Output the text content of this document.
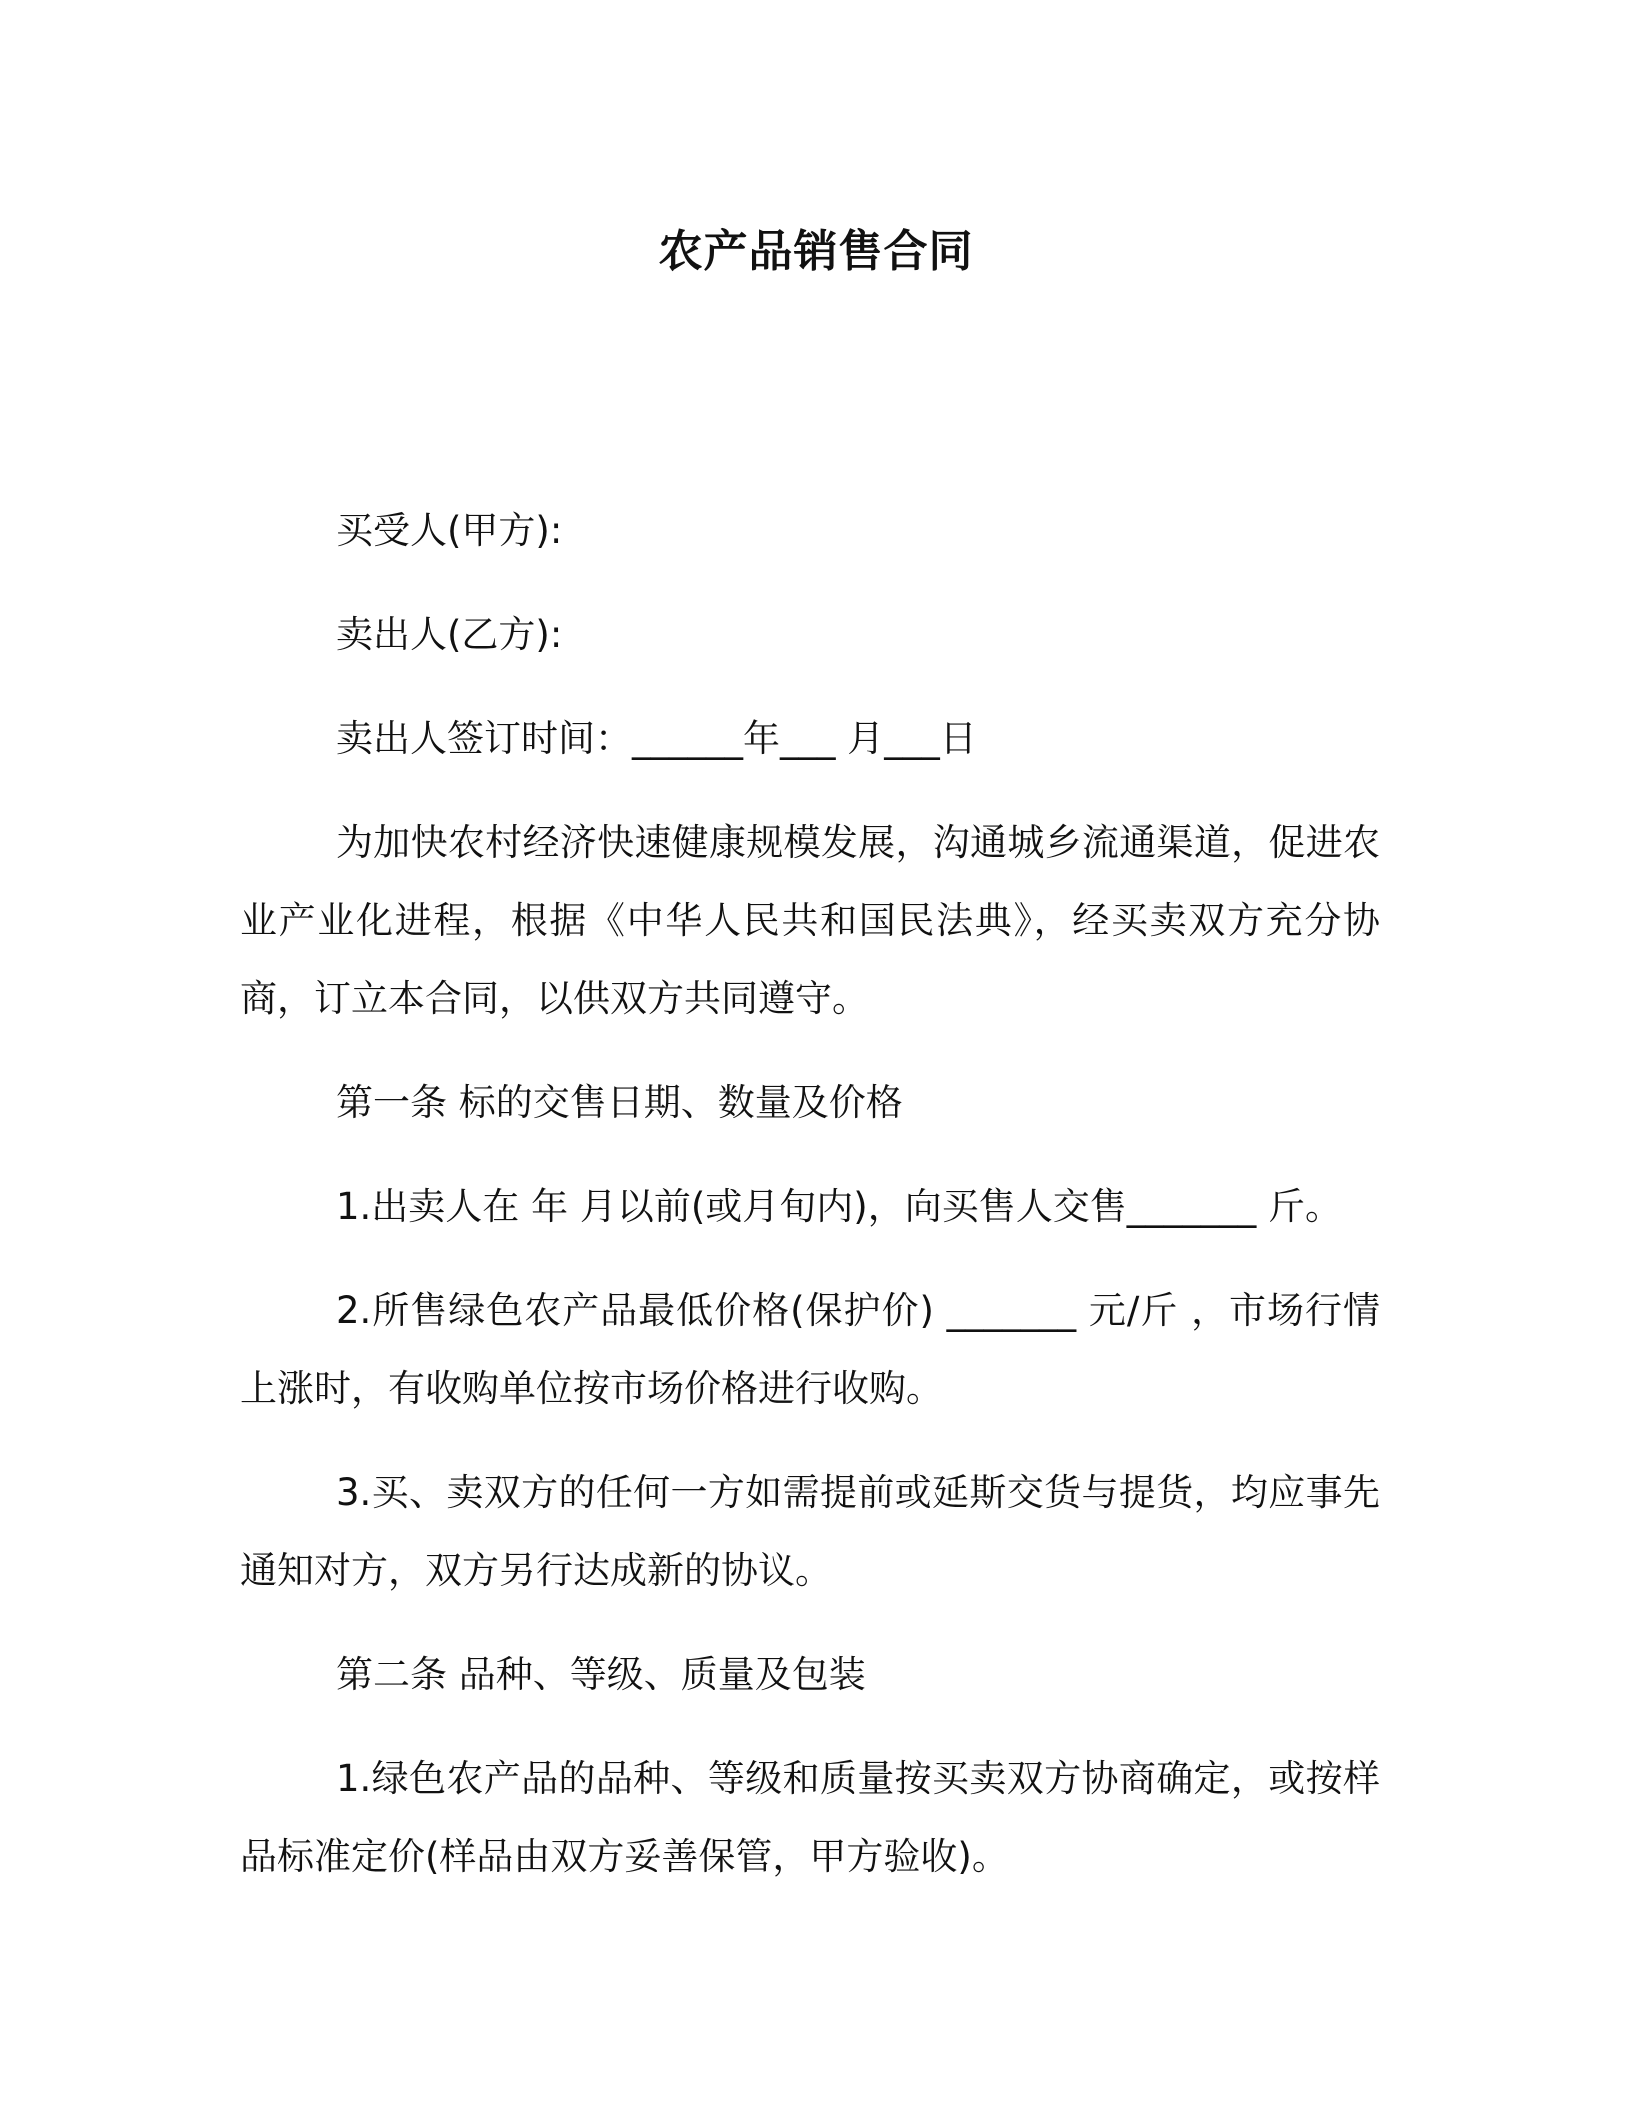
农产品销售合同

买受人(甲方):

卖出人(乙方):

卖出人签订时间：______年___ 月___日

为加快农村经济快速健康规模发展，沟通城乡流通渠道，促进农业产业化进程，根据《中华人民共和国民法典》，经买卖双方充分协商，订立本合同，以供双方共同遵守。

第一条 标的交售日期、数量及价格

1.出卖人在 年 月以前(或月旬内)，向买售人交售_______ 斤。

2.所售绿色农产品最低价格(保护价) _______ 元/斤 ，市场行情上涨时，有收购单位按市场价格进行收购。

3.买、卖双方的任何一方如需提前或延斯交货与提货，均应事先通知对方，双方另行达成新的协议。

第二条 品种、等级、质量及包装

1.绿色农产品的品种、等级和质量按买卖双方协商确定，或按样品标准定价(样品由双方妥善保管，甲方验收)。
